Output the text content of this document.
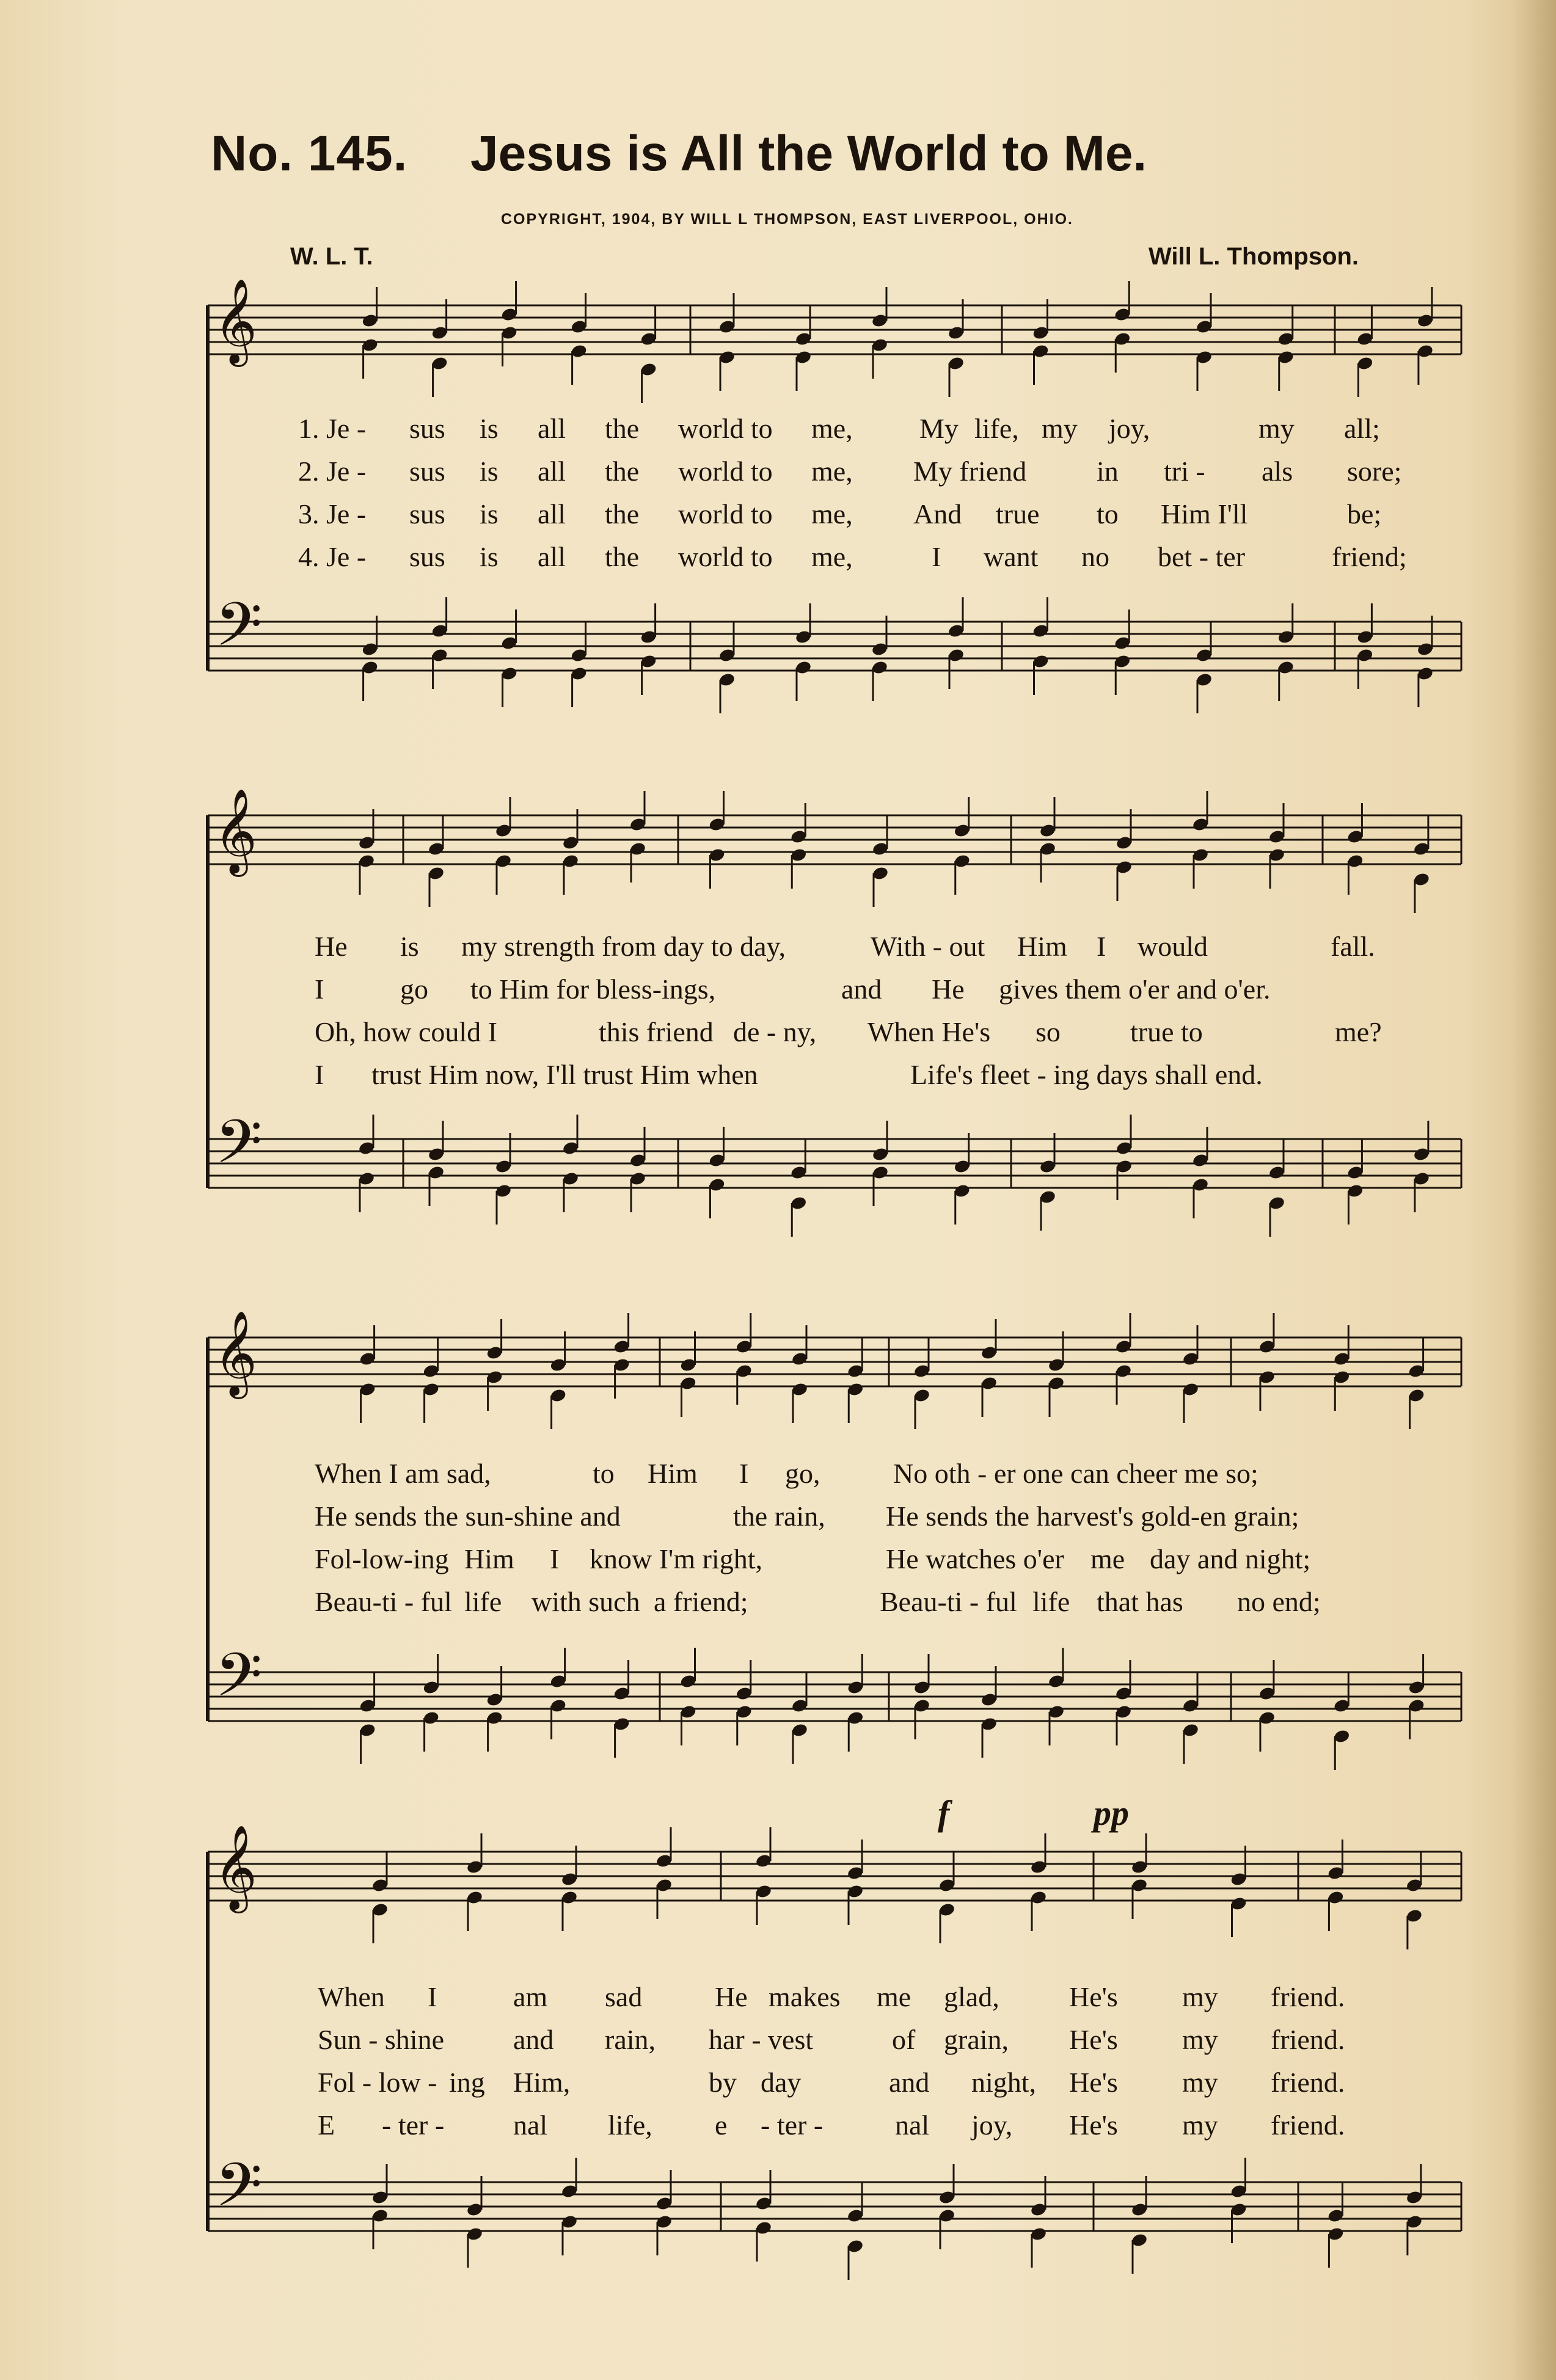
No. 145. Jesus is All the World to Me.
COPYRIGHT, 1904, BY WILL L THOMPSON, EAST LIVERPOOL, OHIO.
W. L. T.	Will L. Thompson.
f	pp
1. Je - sus is all the world to me, My life, my joy,	my all;
2. Je - sus is all the world to me, My friend in tri - als sore;
3. Je - sus is all the world to me, And true to Him I'll	be;
4. Je - sus is all the world to me,	I want no bet - ter	friend;
He is my strength from day to day,	With - out Him I would	fall.
I	go to Him for bless-ings,	and He gives them o'er and o'er.
Oh, how could I	this friend de - ny, When He's so true to	me?
I trust Him now, I'll trust Him when	Life's fleet - ing days shall end.
When I am sad,	to Him I go,	No oth - er one can cheer me so;
He sends the sun-shine and	the rain, He sends the harvest's gold-en grain;
Fol-low-ing Him I know I'm right,	He watches o'er me day and night;
Beau-ti - ful life with such a friend;	Beau-ti - ful life that has no end;
When I	am sad	He makes me glad, He's my friend.
Sun - shine and rain, har - vest	of grain, He's my friend.
Fol - low - ing Him,	by day	and night, He's my friend.
E - ter - nal life, e - ter -	nal joy, He's my friend.
𝄞
𝄢
𝄞
𝄢
𝄞
𝄢
𝄞
𝄢
